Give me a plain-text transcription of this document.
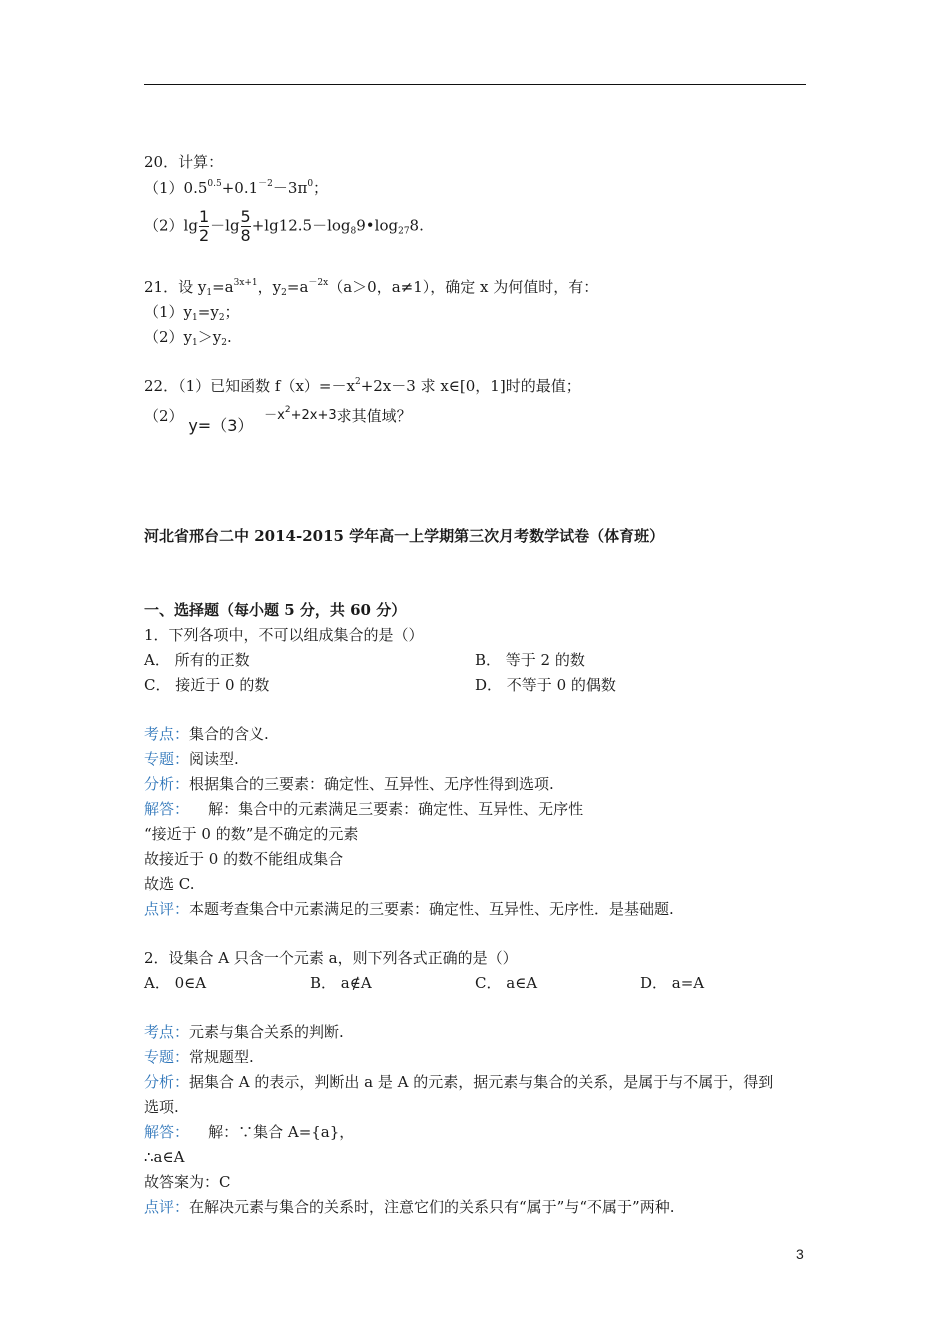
20．计算：
$(1)0.5^{0.5}+0.1^{-2}-3\pi^0$；
$(2)\lg \frac{1}{2} -\lg \frac{5}{8}$ $+\lg 12.5-\log_89•\log_{27}8$.
21．设 $y_1=a^{3x+1}$，$y_2=a^{-2x}(a>0$，a≠1），确定 x 为何值时，有：
$(1)y_1=y_2$；
$(2)y_1>y_2$.
22．（1）已知函数 $f(x)=-x^2+2x-3$ 求 x∈[0，1]时的最值；
（2） $y=(3) -x^2+2x+3$求其值域？
河北省邢台二中 2014-2015 学年高一上学期第三次月考数学试卷（体育班）
一、选择题（每小题 5 分，共 60 分）
1．下列各项中，不可以组成集合的是（）
A． 所有的正数	B． 等于 2 的数
C． 接近于 0 的数	D． 不等于 0 的偶数
考点：集合的含义.
专题：阅读型.
分析：根据集合的三要素：确定性、互异性、无序性得到选项.
解答：    解：集合中的元素满足三要素：确定性、互异性、无序性
“接近于 0 的数”是不确定的元素
故接近于 0 的数不能组成集合
故选 C.
点评：本题考查集合中元素满足的三要素：确定性、互异性、无序性．是基础题.
2．设集合 A 只含一个元素 a，则下列各式正确的是（）
A． 0∈A	B． a∉A	C． a∈A	D． a=A
考点：元素与集合关系的判断.
专题：常规题型.
分析：据集合 A 的表示，判断出 a 是 A 的元素，据元素与集合的关系，是属于与不属于，得到
选项.
解答：    解：∵集合 A={a}，
∴a∈A
故答案为：C
点评：在解决元素与集合的关系时，注意它们的关系只有“属于”与“不属于”两种.
3
